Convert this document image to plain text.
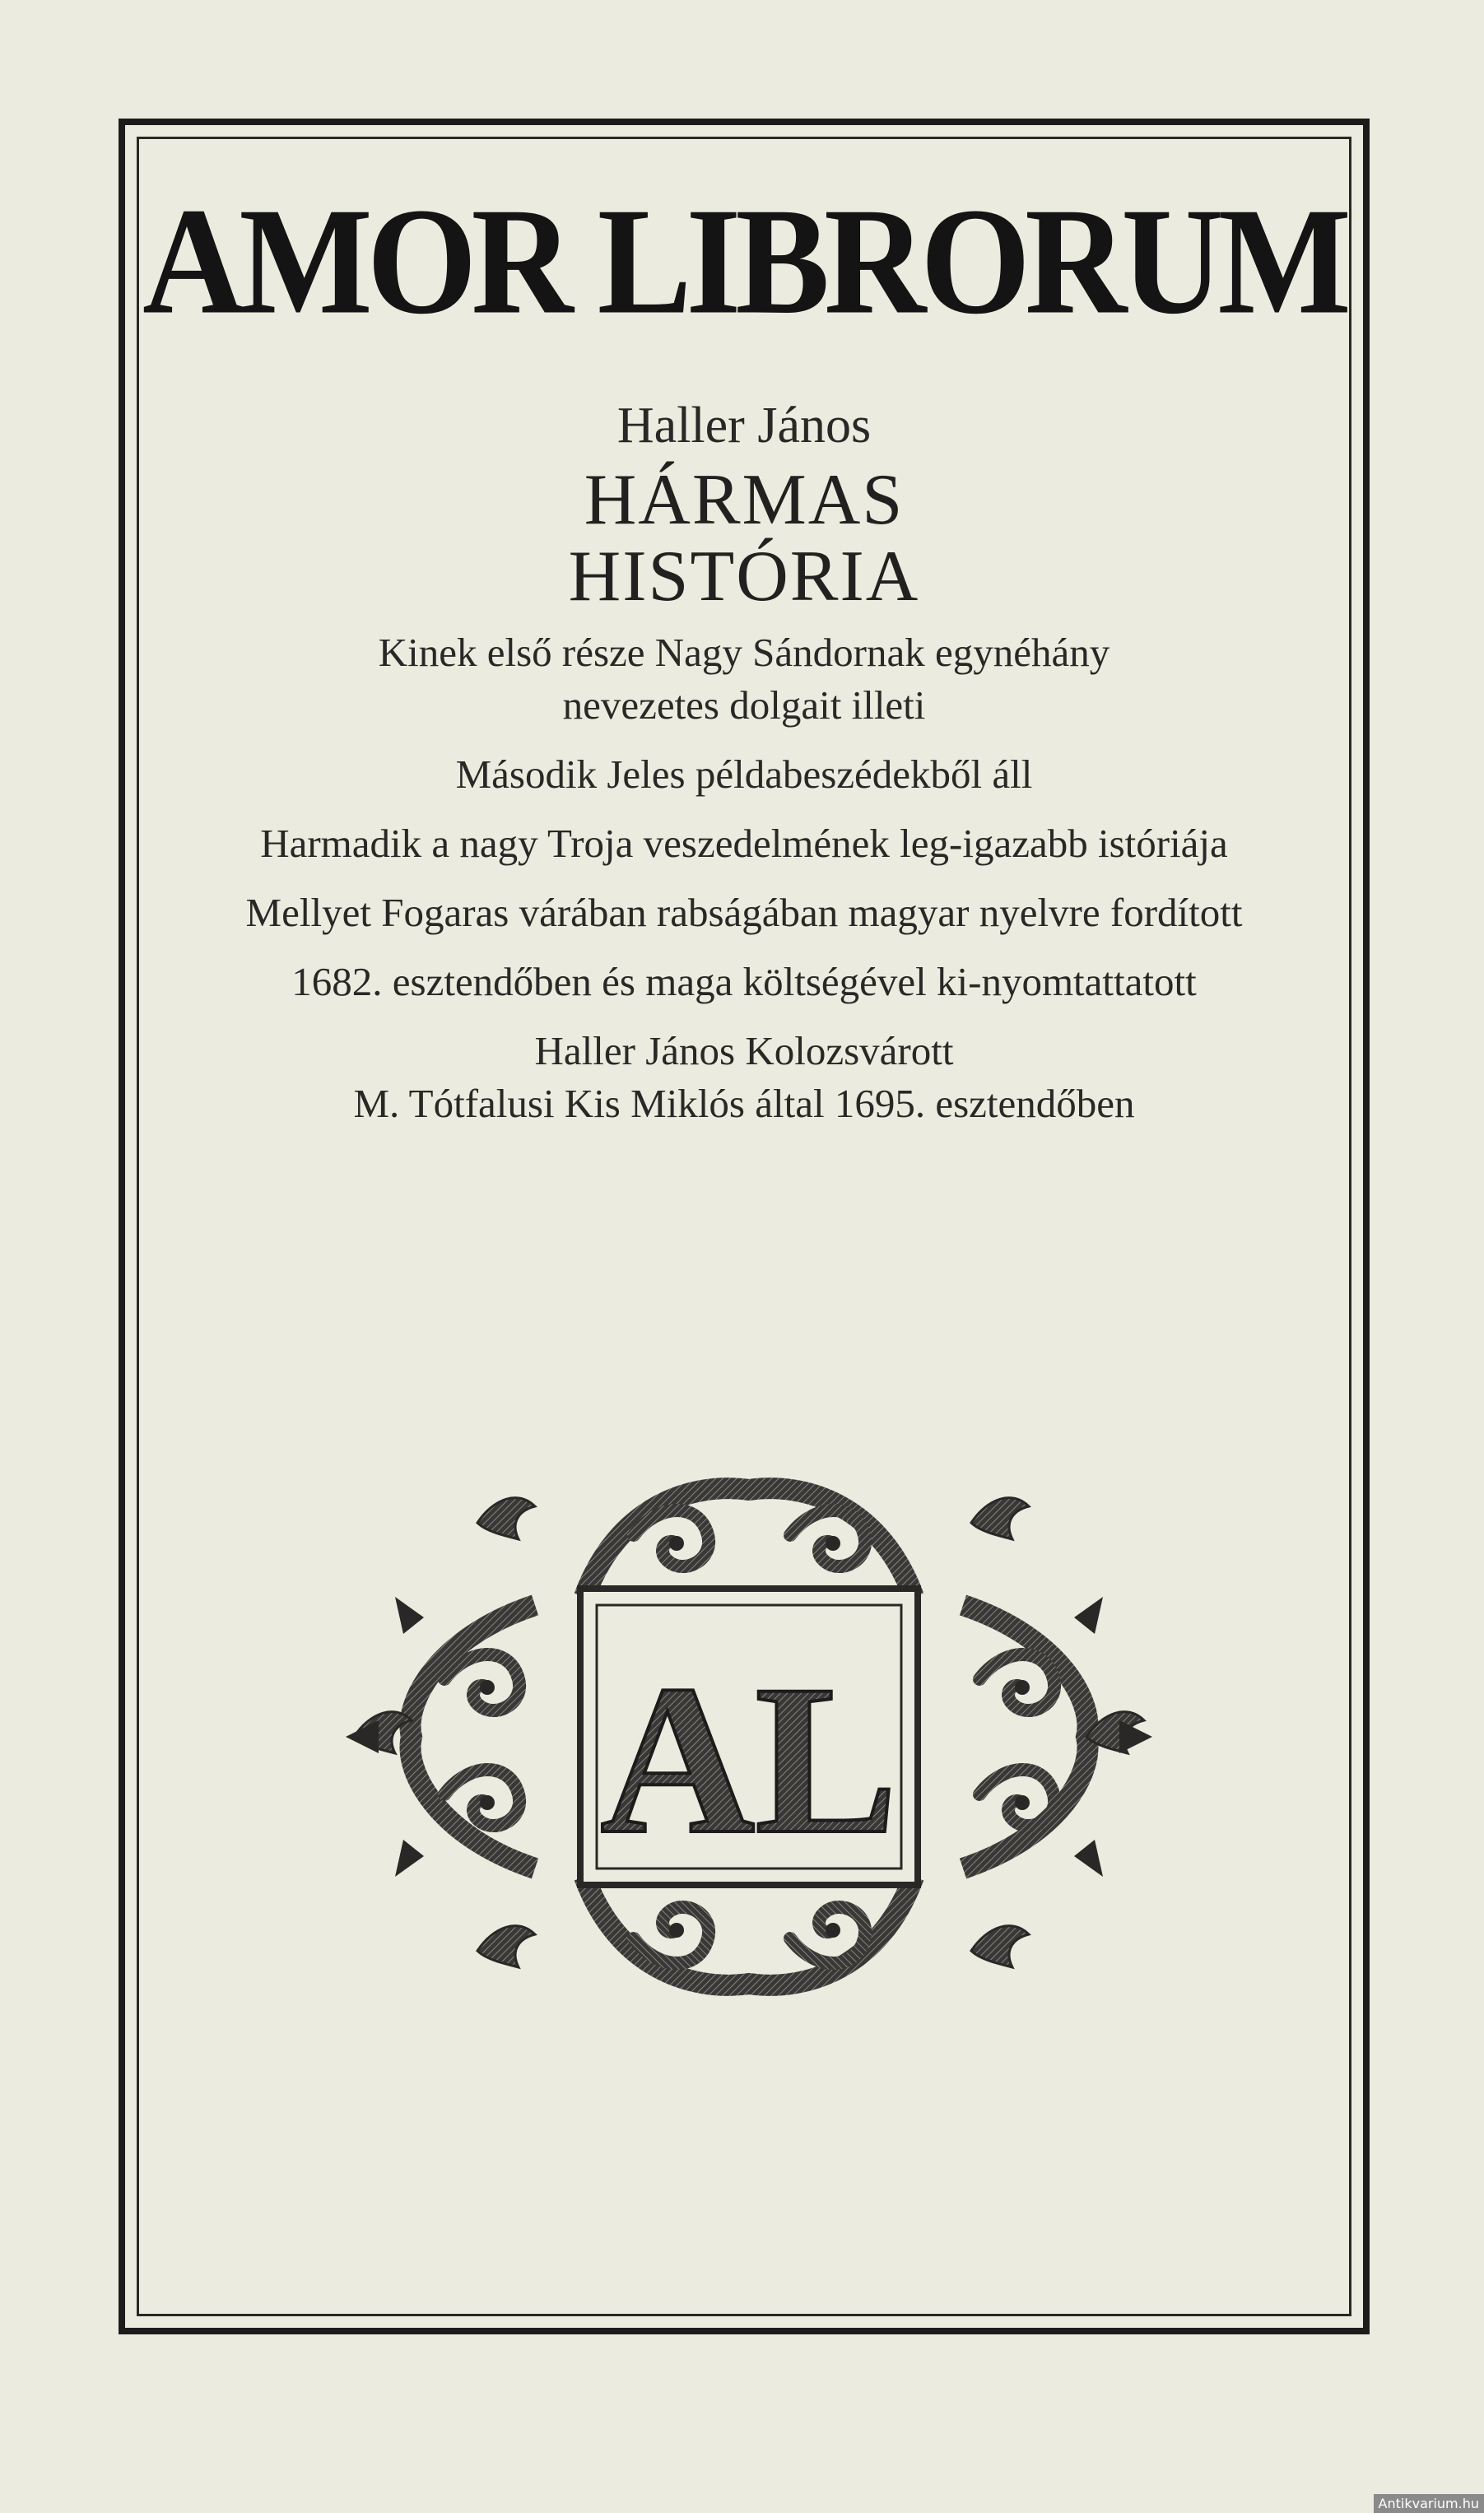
AMOR LIBRORUM

Haller János

HÁRMAS
HISTÓRIA

Kinek első része Nagy Sándornak egynéhány

nevezetes dolgait illeti

Második Jeles példabeszédekből áll

Harmadik a nagy Troja veszedelmének leg-igazabb istóriája

Mellyet Fogaras várában rabságában magyar nyelvre fordított

1682. esztendőben és maga költségével ki-nyomtattatott

Haller János Kolozsvárott

M. Tótfalusi Kis Miklós által 1695. esztendőben

AL
Antikvarium.hu
